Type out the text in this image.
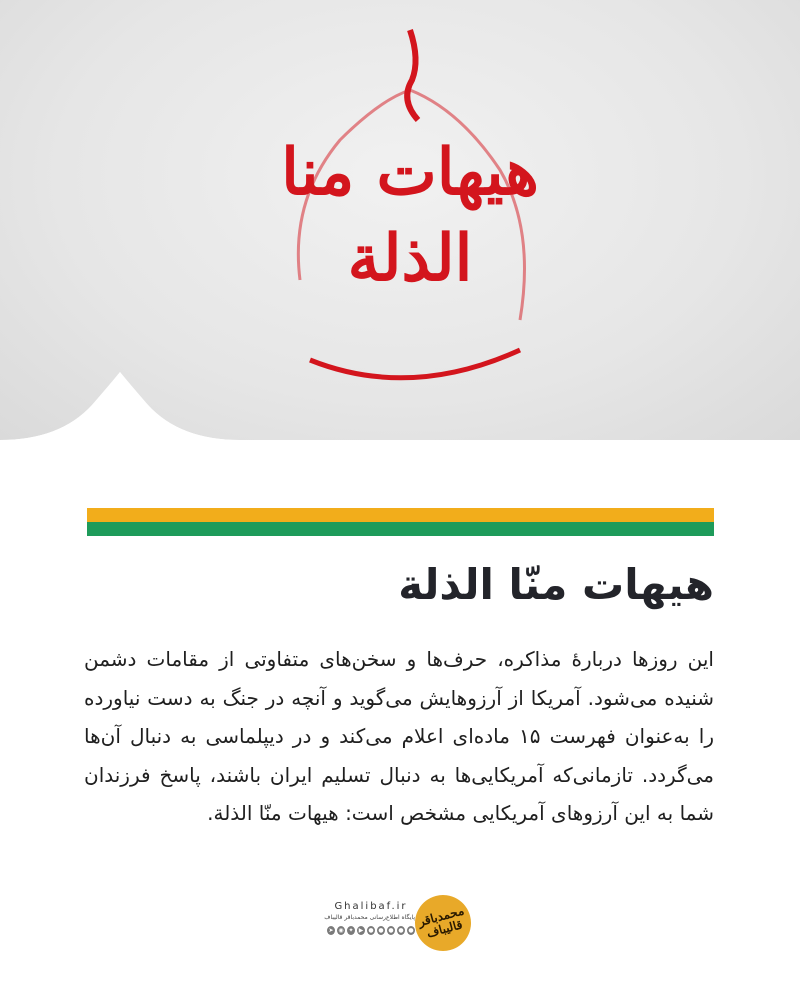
هیهات منا الذلة
هیهات منّا الذلة
این روزها دربارهٔ مذاکره، حرف‌ها و سخن‌های متفاوتی از مقامات دشمن شنیده می‌شود. آمریکا از آرزوهایش می‌گوید و آنچه در جنگ به دست نیاورده را به‌عنوان فهرست ۱۵ ماده‌ای اعلام می‌کند و در دیپلماسی به دنبال آن‌ها می‌گردد. تازمانی‌که آمریکایی‌ها به دنبال تسلیم ایران باشند، پاسخ فرزندان شما به این آرزوهای آمریکایی مشخص است: هیهات منّا الذلة.
Ghalibaf.ir
پایگاه اطلاع‌رسانی محمدباقر قالیباف
➤ ◉ ✦ ▶ ● ● ● ● ●
محمدباقر قالیباف
